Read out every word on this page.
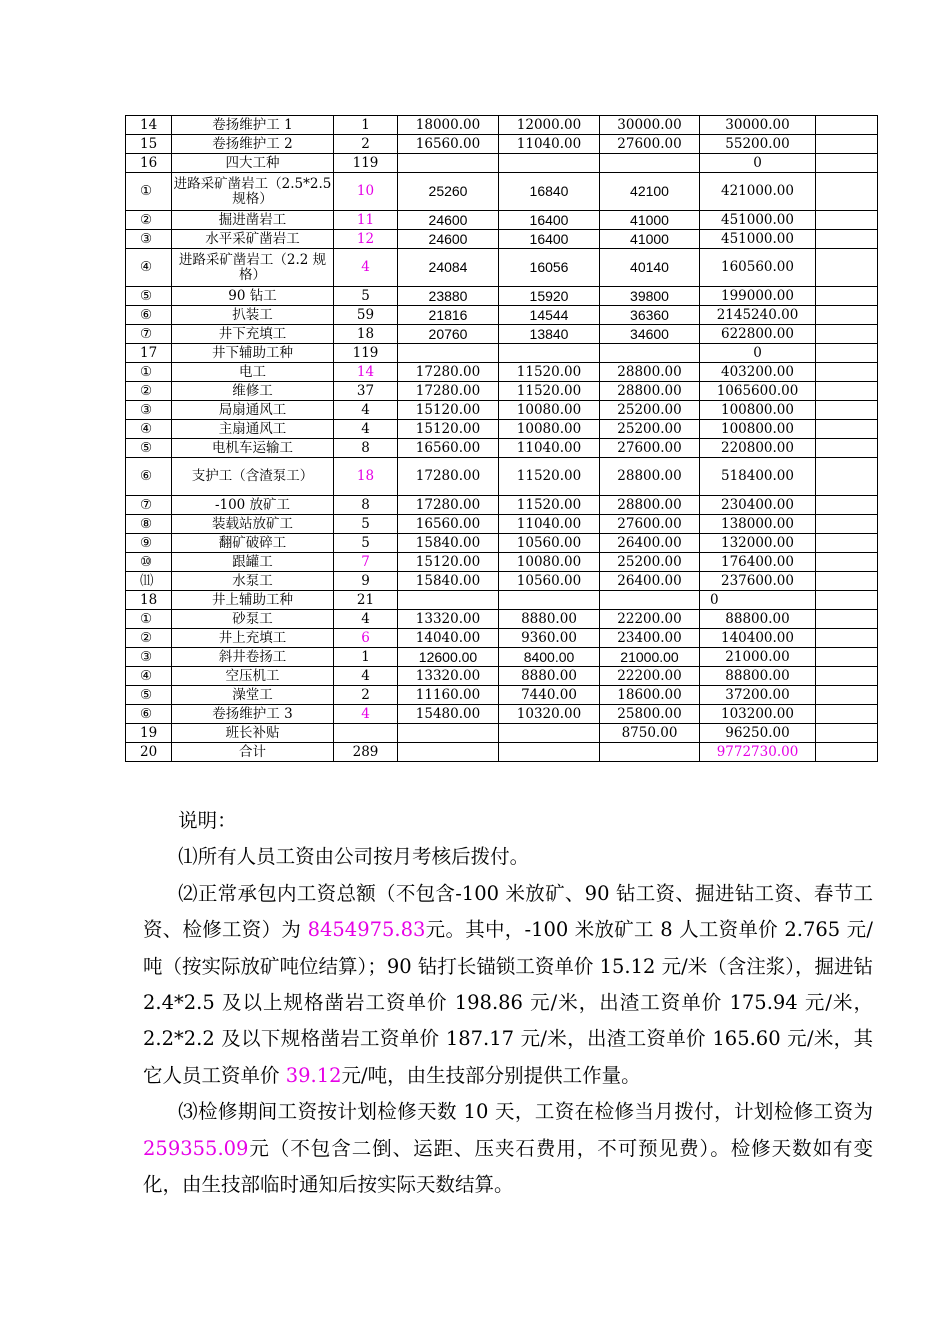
14	卷扬维护工 1	1	18000.00	12000.00	30000.00	30000.00	
15	卷扬维护工 2	2	16560.00	11040.00	27600.00	55200.00	
16	四大工种	119				0	
①	进路采矿凿岩工（2.5*2.5 规格）	10	25260	16840	42100	421000.00	
②	掘进凿岩工	11	24600	16400	41000	451000.00	
③	水平采矿凿岩工	12	24600	16400	41000	451000.00	
④	进路采矿凿岩工（2.2 规格）	4	24084	16056	40140	160560.00	
⑤	90 钻工	5	23880	15920	39800	199000.00	
⑥	扒装工	59	21816	14544	36360	2145240.00	
⑦	井下充填工	18	20760	13840	34600	622800.00	
17	井下辅助工种	119				0	
①	电工	14	17280.00	11520.00	28800.00	403200.00	
②	维修工	37	17280.00	11520.00	28800.00	1065600.00	
③	局扇通风工	4	15120.00	10080.00	25200.00	100800.00	
④	主扇通风工	4	15120.00	10080.00	25200.00	100800.00	
⑤	电机车运输工	8	16560.00	11040.00	27600.00	220800.00	
⑥	支护工（含渣泵工）	18	17280.00	11520.00	28800.00	518400.00	
⑦	-100 放矿工	8	17280.00	11520.00	28800.00	230400.00	
⑧	装载站放矿工	5	16560.00	11040.00	27600.00	138000.00	
⑨	翻矿破碎工	5	15840.00	10560.00	26400.00	132000.00	
⑩	跟罐工	7	15120.00	10080.00	25200.00	176400.00	
⑾	水泵工	9	15840.00	10560.00	26400.00	237600.00	
18	井上辅助工种	21				0	
①	砂泵工	4	13320.00	8880.00	22200.00	88800.00	
②	井上充填工	6	14040.00	9360.00	23400.00	140400.00	
③	斜井卷扬工	1	12600.00	8400.00	21000.00	21000.00	
④	空压机工	4	13320.00	8880.00	22200.00	88800.00	
⑤	澡堂工	2	11160.00	7440.00	18600.00	37200.00	
⑥	卷扬维护工 3	4	15480.00	10320.00	25800.00	103200.00	
19	班长补贴				8750.00	96250.00	
20	合计	289				9772730.00	

说明：

⑴所有人员工资由公司按月考核后拨付。

⑵正常承包内工资总额（不包含-100 米放矿、90 钻工资、掘进钻工资、春节工资、检修工资）为 8454975.83元。其中，-100 米放矿工 8 人工资单价 2.765 元/吨（按实际放矿吨位结算）；90 钻打长锚锁工资单价 15.12 元/米（含注浆），掘进钻 2.4*2.5 及以上规格凿岩工资单价 198.86 元/米，出渣工资单价 175.94 元/米，2.2*2.2 及以下规格凿岩工资单价 187.17 元/米，出渣工资单价 165.60 元/米，其它人员工资单价 39.12元/吨，由生技部分别提供工作量。

⑶检修期间工资按计划检修天数 10 天，工资在检修当月拨付，计划检修工资为 259355.09元（不包含二倒、运距、压夹石费用，不可预见费）。检修天数如有变化，由生技部临时通知后按实际天数结算。
